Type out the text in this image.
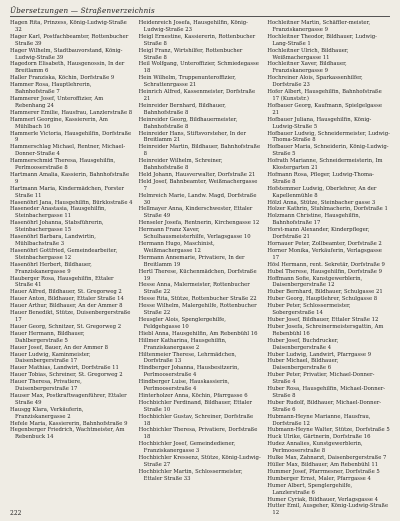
Übersetzungen — Straßenverzeichnis
Hagen Rita, Prinzess, König-Ludwig-Straße 32
Hager Karl, Postfachbeamter, Rottenbucher Straße 39
Hager Wilhelm, Stadtbauvorstand, König-Ludwig-Straße 39
Hagedorn Elisabeth, Hausgenossin, In der Breitlamm 6
Haller Franziska, Köchin, Dorfstraße 9
Hammer Rosa, Hauptlehrerin, Bahnhofstraße 7
Hammerer Josef, Unteroffizier, Am Rebenhang 24
Hammerer Emilie, Hausfrau, Lanzlerstraße 8
Hammerl Georgine, Kassiererin, Am Mühlbach 16
Hammerle Victoria, Hausgehilfin, Dorfstraße 9
Hammerschlag Michael, Rentner, Michael-Donner-Straße 4
Hammerschmid Theresa, Hausgehilfin, Perlmooserstraße 8
Hartmann Amalia, Kassierin, Bahnhofstraße 9
Hartmann Maria, Kindermädchen, Forster Straße 11
Hasenöhrl Jana, Hausgehilfin, Bürklostraße 4
Haseneder Anastasia, Hausgehilfin, Steinbachergasse 11
Hasenöhrl Johanna, Stabsführerin, Steinbachergasse 15
Hasenöhrl Barbara, Landwirtin, Mühlbachstraße 3
Hasenöhrl Gottfried, Gemeindearbeiter, Steinbachergasse 12
Hasenöhrl Herbert, Bildhauer, Franziskanergasse 9
Hauberger Rosa, Hausgehilfin, Ettaler Straße 41
Hauer Alfred, Bildhauer, St. Gregorweg 2
Hauer Anton, Bildhauer, Ettaler Straße 14
Hauer Arthur, Bildhauer, An der Ammer 8
Hauer Benedikt, Stütze, Duisenbergerstraße 17
Hauer Georg, Schnitzer, St. Gregorweg 2
Hauer Hermann, Bildhauer, Dahlbergerstraße 5
Hauer Josef, Bauer, An der Ammer 8
Hauer Ludwig, Kaminmeister, Daisenbergerstraße 17
Hauer Mathias, Landwirt, Dorfstraße 11
Hauer Tobias, Schreiner, St. Gregorweg 2
Hauer Theresa, Privatiere, Duisenbergerstraße 17
Hauser Max, Postkraftwagenführer, Ettaler Straße 49
Hausgg Klara, Verkäuferin, Franziskanergasse 2
Hefele Maria, Kassiererin, Bahnhofstraße 9
Hegenberger Friedrich, Wachtmeister, Am Rebenbuck 14
Heidenreich Josefa, Hausgehilfin, König-Ludwig-Straße 23
Heigl Ernestine, Kassiererin, Rottenbucher Straße 8
Heigl Franz, Wirtshilfer, Rottenbucher Straße 8
Heil Wolfgang, Unteroffizier, Schmiedegasse 18
Hein Wilhelm, Truppenunteroffizier, Schrattenrgasse 21
Heinrich Alfred, Kassenmeister, Dorfstraße 21
Heinreider Bernhard, Bildhauer, Bahnhofstraße 8
Heinreider Georg, Bildhauermeister, Bahnhofstraße 8
Heinreider Hans, Stiftsvorsteher, In der Breitlamm 21
Heinreider Martin, Bildhauer, Bahnhofstraße 8
Heinreider Wilhelm, Schreiner, Bahnhofstraße 8
Held Johann, Hausverwalter, Dorfstraße 21
Held Josef, Bahnbeamter, Weißmachergasse 7
Helmreich Marie, Landw. Magd, Dorfstraße 30
Hellmayer Anna, Kinderschwester, Ettaler Straße 49
Henseler Josefa, Rentnerin, Kirchengasse 12
Hermann Franz Xaver, Schulhausmeisterhilfe, Verlagsgasse 10
Hermann Hugo, Maschinist, Weißmachergasse 12
Hermann Annemarie, Privatiere, In der Breitlamm 19
Hertl Therese, Küchenmädchen, Dorfstraße 19
Hesse Anna, Malermeister, Rottenbucher Straße 22
Hesse Rita, Stütze, Rottenbucher Straße 22
Hesse Wilhelm, Malergehilfe, Rottenbucher Straße 22
Heusgler Alois, Spenglergehilfe, Feldgehgasse 10
Hiebl Anna, Hausgehilfin, Am Rebenbühl 16
Hillmer Katharina, Hausgehilfin, Franziskanergasse 2
Hiltenmeier Therese, Lehrmädchen, Dorfstraße 13
Hindberger Johanna, Hausbesitzerin, Perlmooserstraße 4
Hindberger Luise, Hauskassierin, Perlmooserstraße 4
Hinterholzer Anna, Köchin, Pfarrgasse 6
Hochbichler Ferdinand, Bildhauer, Ettaler Straße 10
Hochbichler Gustav, Schreiner, Dorfstraße 18
Hochbichler Theresa, Privatiere, Dorfstraße 18
Hochbichler Josef, Gemeindediener, Franziskanergasse 3
Hochbichler Kressenz, Stütze, König-Ludwig-Straße 27
Hochbichler Martin, Schlossermeister, Ettaler Straße 33
Hochleitner Martin, Schäffler-meister, Franziskanergasse 9
Hochleitner Theodor, Bildhauer, Ludwig-Lang-Straße 1
Hochleitner Ulrich, Bildhauer, Weißmachergasse 11
Hochleitner Xaver, Bildhauer, Franziskanergasse 9
Hochreiner Alois, Sparkassenhilfer, Dorfstraße 23
Hofer Albert, Hausgehilfin, Bahnhofstraße 17 (Kunststr.)
Hofbauer Georg, Kaufmann, Spielgelgasse 21
Hofbauer Juliana, Hausgehilfin, König-Ludwig-Straße 5
Hofbauer Ludwig, Schneidermeister, Ludwig-Thoma-Straße 8
Hofbauer Maria, Schneiderin, König-Ludwig-Straße 5
Hofrath Marianne, Schneidermeisterin, Im Klostergarten 21
Hofmann Rosa, Pfleger, Ludwig-Thoma-Straße 8
Hofstemmer Ludwig, Oberlehrer, An der Kapellenmühle 8
Hölzl Anna, Stütze, Steinbacher gasse 3
Holzer Kathrin, Stuhlmacherin, Dorfstraße 1
Holzmann Christine, Hausgehilfin, Bahnhofstraße 17
Horst-mann Alexander, Kinderpfleger, Dorfstraße 21
Hornauer Peter, Zollbeamter, Dorfstraße 2
Horner Monika, Verkäuferin, Verlagsgasse 17
Hösl Hermann, rent. Sekretär, Dorfstraße 9
Hubel Therese, Hausgehilfin, Dorfstraße 9
Hoffmann Sofie, Kunstgewerblerin, Daisenbergerstraße 12
Huber Bernhard, Bildhauer, Schulgasse 21
Huber Georg, Hauptlehrer, Schulgasse 8
Huber Peter, Schlossermeister, Sobergerstraße 14
Huber Josef, Bildhauer, Ettaler Straße 12
Huber Josefa, Schreinermeistersgattin, Am Rebenbühl 16
Huber Josef, Buchdrucker, Daisenbergerstraße 4
Huber Ludwig, Landwirt, Pfarrgasse 9
Huber Michael, Bildhauer, Daisenbergerstraße 6
Huber Peter, Privatier, Michael-Donner-Straße 4
Huber Rosa, Hausgehilfin, Michael-Donner-Straße 8
Huber Rudolf, Bildhauer, Michael-Donner-Straße 6
Hubmann-Heyne Marianne, Hausfrau, Dorfstraße 12
Hubmann-Heyne Walter, Stütze, Dorfstraße 5
Huck Ulrike, Gärtnerin, Dorfstraße 16
Hudez Annalies, Kunstgewerblerin, Perlmooserstraße 8
Hulke Max, Zahnarzt, Daisenbergerstraße 7
Hüller Max, Bildhauer, Am Rebenbühl 11
Hummer Josef, Pfarrmesner, Dorfstraße 5
Humberger Ernst, Maler, Pfarrgasse 4
Humer Albert, Spenglergehilfe, Lanzlerstraße 6
Humer Cyriak, Bildhauer, Verlagsgasse 4
Hutter Emil, Ausgeher, König-Ludwig-Straße 12
222
